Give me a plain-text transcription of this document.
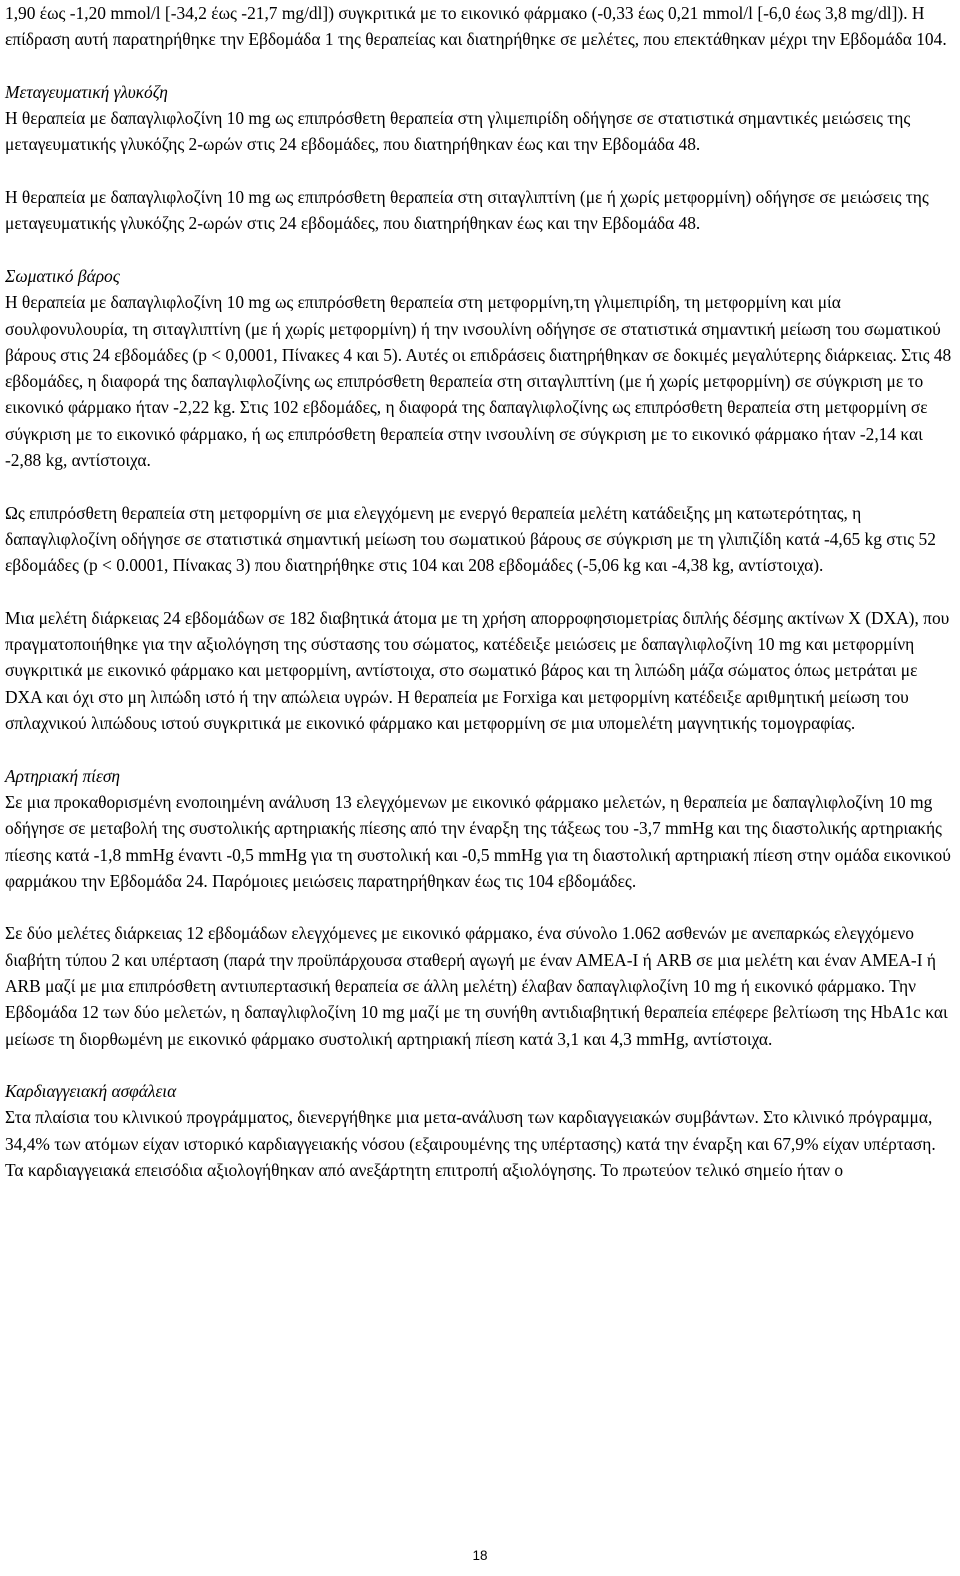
1,90 έως -1,20 mmol/l [-34,2 έως -21,7 mg/dl]) συγκριτικά με το εικονικό φάρμακο (-0,33 έως 0,21 mmol/l [-6,0 έως 3,8 mg/dl]). Η επίδραση αυτή παρατηρήθηκε την Εβδομάδα 1 της θεραπείας και διατηρήθηκε σε μελέτες, που επεκτάθηκαν μέχρι την Εβδομάδα 104.
Μεταγευματική γλυκόζη
Η θεραπεία με δαπαγλιφλοζίνη 10 mg ως επιπρόσθετη θεραπεία στη γλιμεπιρίδη οδήγησε σε στατιστικά σημαντικές μειώσεις της μεταγευματικής γλυκόζης 2-ωρών στις 24 εβδομάδες, που διατηρήθηκαν έως και την Εβδομάδα 48.
Η θεραπεία με δαπαγλιφλοζίνη 10 mg ως επιπρόσθετη θεραπεία στη σιταγλιπτίνη (με ή χωρίς μετφορμίνη) οδήγησε σε μειώσεις της μεταγευματικής γλυκόζης 2-ωρών στις 24 εβδομάδες, που διατηρήθηκαν έως και την Εβδομάδα 48.
Σωματικό βάρος
Η θεραπεία με δαπαγλιφλοζίνη 10 mg ως επιπρόσθετη θεραπεία στη μετφορμίνη,τη γλιμεπιρίδη, τη μετφορμίνη και μία σουλφονυλουρία, τη σιταγλιπτίνη (με ή χωρίς μετφορμίνη) ή την ινσουλίνη οδήγησε σε στατιστικά σημαντική μείωση του σωματικού βάρους στις 24 εβδομάδες (p < 0,0001, Πίνακες 4 και 5). Αυτές οι επιδράσεις διατηρήθηκαν σε δοκιμές μεγαλύτερης διάρκειας. Στις 48 εβδομάδες, η διαφορά της δαπαγλιφλοζίνης ως επιπρόσθετη θεραπεία στη σιταγλιπτίνη (με ή χωρίς μετφορμίνη) σε σύγκριση με το εικονικό φάρμακο ήταν -2,22 kg. Στις 102 εβδομάδες, η διαφορά της δαπαγλιφλοζίνης ως επιπρόσθετη θεραπεία στη μετφορμίνη σε σύγκριση με το εικονικό φάρμακο, ή ως επιπρόσθετη θεραπεία στην ινσουλίνη σε σύγκριση με το εικονικό φάρμακο ήταν -2,14 και -2,88 kg, αντίστοιχα.
Ως επιπρόσθετη θεραπεία στη μετφορμίνη σε μια ελεγχόμενη με ενεργό θεραπεία μελέτη κατάδειξης μη κατωτερότητας, η δαπαγλιφλοζίνη οδήγησε σε στατιστικά σημαντική μείωση του σωματικού βάρους σε σύγκριση με τη γλιπιζίδη κατά -4,65 kg στις 52 εβδομάδες (p < 0.0001, Πίνακας 3) που διατηρήθηκε στις 104 και 208 εβδομάδες (-5,06 kg και -4,38 kg, αντίστοιχα).
Μια μελέτη διάρκειας 24 εβδομάδων σε 182 διαβητικά άτομα με τη χρήση απορροφησιομετρίας διπλής δέσμης ακτίνων X (DXA), που πραγματοποιήθηκε για την αξιολόγηση της σύστασης του σώματος, κατέδειξε μειώσεις με δαπαγλιφλοζίνη 10 mg και μετφορμίνη συγκριτικά με εικονικό φάρμακο και μετφορμίνη, αντίστοιχα, στο σωματικό βάρος και τη λιπώδη μάζα σώματος όπως μετράται με DXA και όχι στο μη λιπώδη ιστό ή την απώλεια υγρών. Η θεραπεία με Forxiga και μετφορμίνη κατέδειξε αριθμητική μείωση του σπλαχνικού λιπώδους ιστού συγκριτικά με εικονικό φάρμακο και μετφορμίνη σε μια υπομελέτη μαγνητικής τομογραφίας.
Αρτηριακή πίεση
Σε μια προκαθορισμένη ενοποιημένη ανάλυση 13 ελεγχόμενων με εικονικό φάρμακο μελετών, η θεραπεία με δαπαγλιφλοζίνη 10 mg οδήγησε σε μεταβολή της συστολικής αρτηριακής πίεσης από την έναρξη της τάξεως του -3,7 mmHg και της διαστολικής αρτηριακής πίεσης κατά -1,8 mmHg έναντι -0,5 mmHg για τη συστολική και -0,5 mmHg για τη διαστολική αρτηριακή πίεση στην ομάδα εικονικού φαρμάκου την Εβδομάδα 24. Παρόμοιες μειώσεις παρατηρήθηκαν έως τις 104 εβδομάδες.
Σε δύο μελέτες διάρκειας 12 εβδομάδων ελεγχόμενες με εικονικό φάρμακο, ένα σύνολο 1.062 ασθενών με ανεπαρκώς ελεγχόμενο διαβήτη τύπου 2 και υπέρταση (παρά την προϋπάρχουσα σταθερή αγωγή με έναν ΑΜΕΑ-Ι ή ARB σε μια μελέτη και έναν ΑΜΕΑ-Ι ή ARB μαζί με μια επιπρόσθετη αντιυπερτασική θεραπεία σε άλλη μελέτη) έλαβαν δαπαγλιφλοζίνη 10 mg ή εικονικό φάρμακο. Την Εβδομάδα 12 των δύο μελετών, η δαπαγλιφλοζίνη 10 mg μαζί με τη συνήθη αντιδιαβητική θεραπεία επέφερε βελτίωση της HbA1c και μείωσε τη διορθωμένη με εικονικό φάρμακο συστολική αρτηριακή πίεση κατά 3,1 και 4,3 mmHg, αντίστοιχα.
Καρδιαγγειακή ασφάλεια
Στα πλαίσια του κλινικού προγράμματος, διενεργήθηκε μια μετα-ανάλυση των καρδιαγγειακών συμβάντων. Στο κλινικό πρόγραμμα, 34,4% των ατόμων είχαν ιστορικό καρδιαγγειακής νόσου (εξαιρουμένης της υπέρτασης) κατά την έναρξη και 67,9% είχαν υπέρταση. Τα καρδιαγγειακά επεισόδια αξιολογήθηκαν από ανεξάρτητη επιτροπή αξιολόγησης. Το πρωτεύον τελικό σημείο ήταν ο
18
